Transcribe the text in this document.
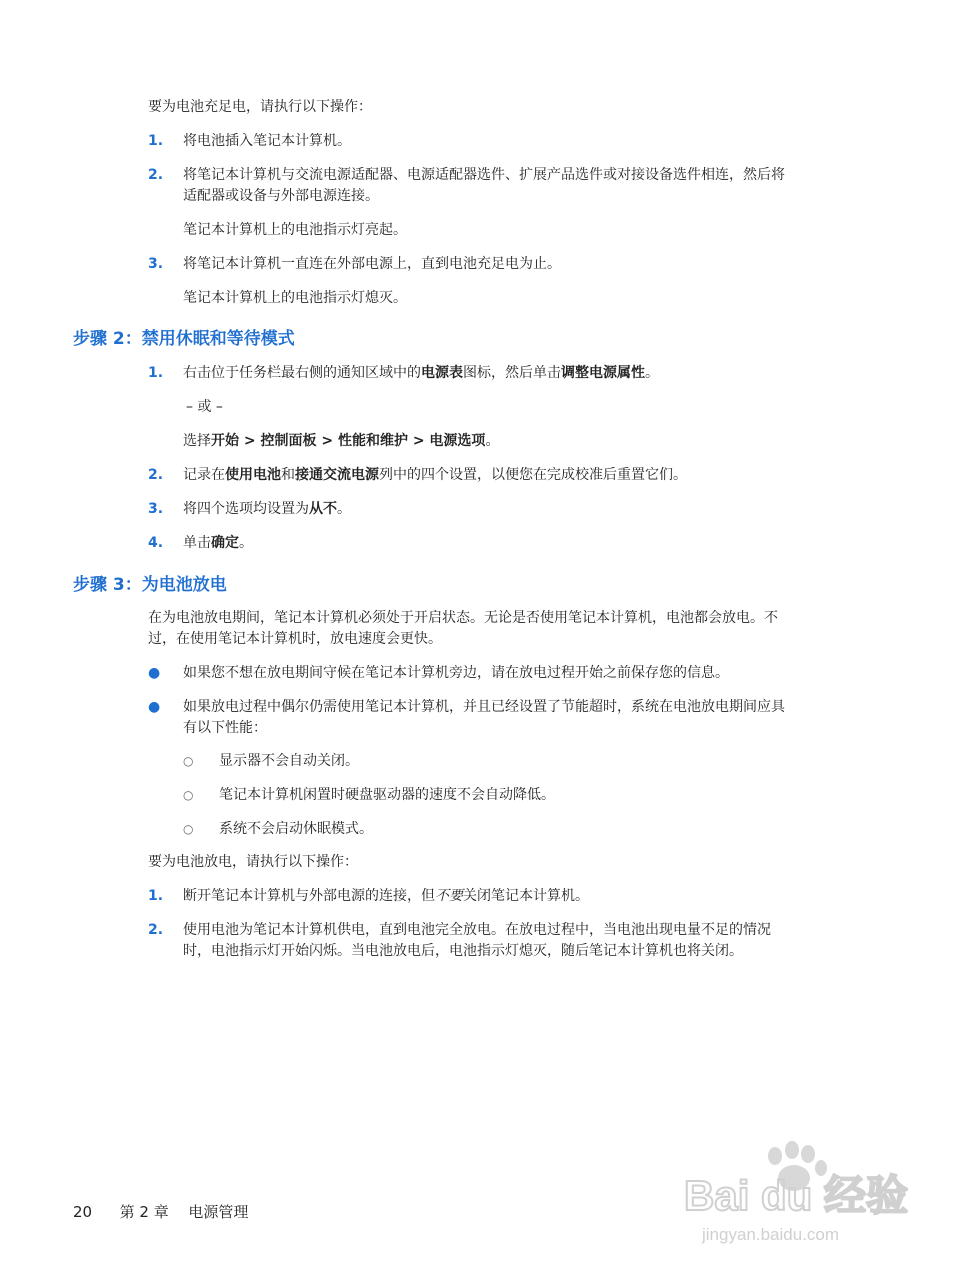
要为电池充足电，请执行以下操作：
1. 将电池插入笔记本计算机。
2. 将笔记本计算机与交流电源适配器、电源适配器选件、扩展产品选件或对接设备选件相连，然后将
适配器或设备与外部电源连接。
笔记本计算机上的电池指示灯亮起。
3. 将笔记本计算机一直连在外部电源上，直到电池充足电为止。
笔记本计算机上的电池指示灯熄灭。
步骤 2：禁用休眠和等待模式
1. 右击位于任务栏最右侧的通知区域中的电源表图标，然后单击调整电源属性。
– 或 –
选择开始 > 控制面板 > 性能和维护 > 电源选项。
2. 记录在使用电池和接通交流电源列中的四个设置，以便您在完成校准后重置它们。
3. 将四个选项均设置为从不。
4. 单击确定。
步骤 3：为电池放电
在为电池放电期间，笔记本计算机必须处于开启状态。无论是否使用笔记本计算机，电池都会放电。不
过，在使用笔记本计算机时，放电速度会更快。
● 如果您不想在放电期间守候在笔记本计算机旁边，请在放电过程开始之前保存您的信息。
● 如果放电过程中偶尔仍需使用笔记本计算机，并且已经设置了节能超时，系统在电池放电期间应具
有以下性能：
○ 显示器不会自动关闭。
○ 笔记本计算机闲置时硬盘驱动器的速度不会自动降低。
○ 系统不会启动休眠模式。
要为电池放电，请执行以下操作：
1. 断开笔记本计算机与外部电源的连接，但不要关闭笔记本计算机。
2. 使用电池为笔记本计算机供电，直到电池完全放电。在放电过程中，当电池出现电量不足的情况
时，电池指示灯开始闪烁。当电池放电后，电池指示灯熄灭，随后笔记本计算机也将关闭。
20 第 2 章 电源管理	Bai du 经验
jingyan.baidu.com
